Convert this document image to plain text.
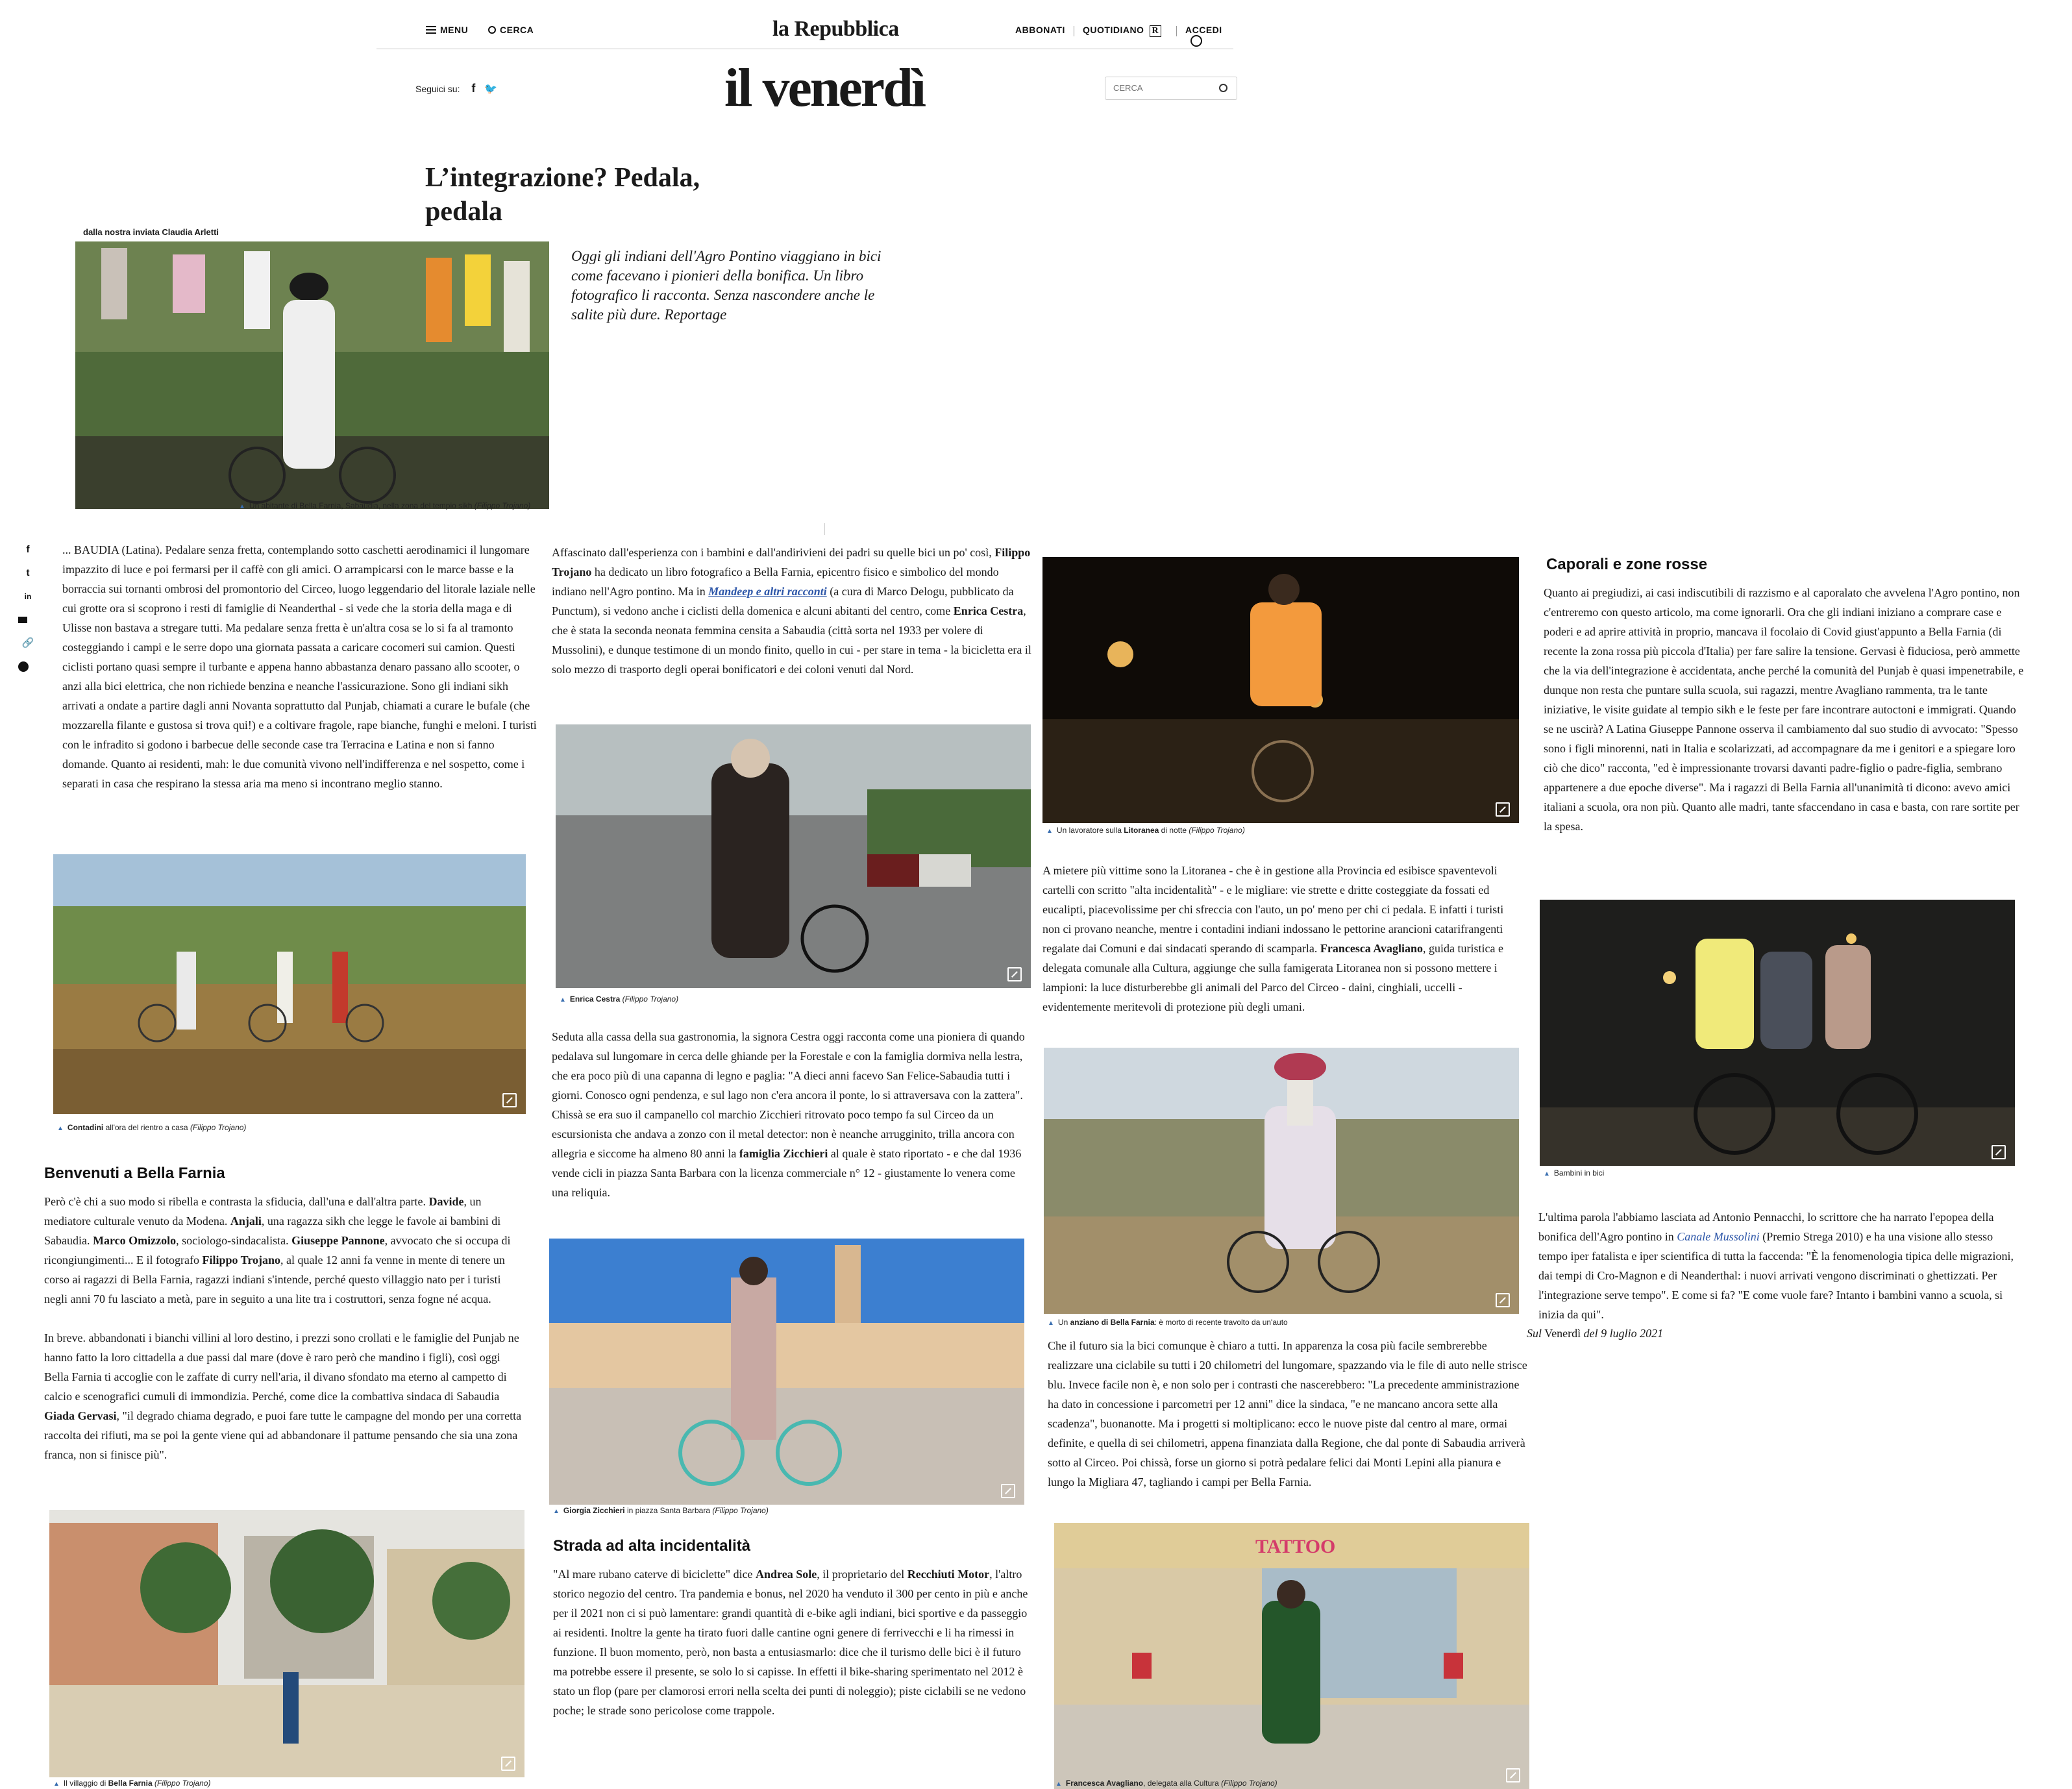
MENU	CERCA	la Repubblica	ABBONATI QUOTIDIANO R	ACCEDI
Seguici su: f 🐦	il venerdì
CERCA
L’integrazione? Pedala,
pedala
dalla nostra inviata Claudia Arletti
Oggi gli indiani dell'Agro Pontino viaggiano in bici come facevano i pionieri della bonifica. Un libro fotografico li racconta. Senza nascondere anche le salite più dure. Reportage
▲ Un abitante di Bella Farnia, Sabaudia, nella zona del tempio sikh (Filippo Trojano)
f
t
in
🔗
... BAUDIA (Latina). Pedalare senza fretta, contemplando sotto caschetti aerodinamici il lungomare impazzito di luce e poi fermarsi per il caffè con gli amici. O arrampicarsi con le marce basse e la borraccia sui tornanti ombrosi del promontorio del Circeo, luogo leggendario del litorale laziale nelle cui grotte ora si scoprono i resti di famiglie di Neanderthal - si vede che la storia della maga e di Ulisse non bastava a stregare tutti. Ma pedalare senza fretta è un'altra cosa se lo si fa al tramonto costeggiando i campi e le serre dopo una giornata passata a caricare cocomeri sui camion. Questi ciclisti portano quasi sempre il turbante e appena hanno abbastanza denaro passano allo scooter, o anzi alla bici elettrica, che non richiede benzina e neanche l'assicurazione. Sono gli indiani sikh arrivati a ondate a partire dagli anni Novanta soprattutto dal Punjab, chiamati a curare le bufale (che mozzarella filante e gustosa si trova qui!) e a coltivare fragole, rape bianche, funghi e meloni. I turisti con le infradito si godono i barbecue delle seconde case tra Terracina e Latina e non si fanno domande. Quanto ai residenti, mah: le due comunità vivono nell'indifferenza e nel sospetto, come i separati in casa che respirano la stessa aria ma meno si incontrano meglio stanno.
▲ Contadini all'ora del rientro a casa (Filippo Trojano)
Benvenuti a Bella Farnia
Però c'è chi a suo modo si ribella e contrasta la sfiducia, dall'una e dall'altra parte. Davide, un mediatore culturale venuto da Modena. Anjali, una ragazza sikh che legge le favole ai bambini di Sabaudia. Marco Omizzolo, sociologo-sindacalista. Giuseppe Pannone, avvocato che si occupa di ricongiungimenti... E il fotografo Filippo Trojano, al quale 12 anni fa venne in mente di tenere un corso ai ragazzi di Bella Farnia, ragazzi indiani s'intende, perché questo villaggio nato per i turisti negli anni 70 fu lasciato a metà, pare in seguito a una lite tra i costruttori, senza fogne né acqua.
In breve. abbandonati i bianchi villini al loro destino, i prezzi sono crollati e le famiglie del Punjab ne hanno fatto la loro cittadella a due passi dal mare (dove è raro però che mandino i figli), così oggi Bella Farnia ti accoglie con le zaffate di curry nell'aria, il divano sfondato ma eterno al campetto di calcio e scenografici cumuli di immondizia. Perché, come dice la combattiva sindaca di Sabaudia Giada Gervasi, "il degrado chiama degrado, e puoi fare tutte le campagne del mondo per una corretta raccolta dei rifiuti, ma se poi la gente viene qui ad abbandonare il pattume pensando che sia una zona franca, non si finisce più".
▲ Il villaggio di Bella Farnia (Filippo Trojano)
Affascinato dall'esperienza con i bambini e dall'andirivieni dei padri su quelle bici un po' così, Filippo Trojano ha dedicato un libro fotografico a Bella Farnia, epicentro fisico e simbolico del mondo indiano nell'Agro pontino. Ma in Mandeep e altri racconti (a cura di Marco Delogu, pubblicato da Punctum), si vedono anche i ciclisti della domenica e alcuni abitanti del centro, come Enrica Cestra, che è stata la seconda neonata femmina censita a Sabaudia (città sorta nel 1933 per volere di Mussolini), e dunque testimone di un mondo finito, quello in cui - per stare in tema - la bicicletta era il solo mezzo di trasporto degli operai bonificatori e dei coloni venuti dal Nord.
▲ Enrica Cestra (Filippo Trojano)
Seduta alla cassa della sua gastronomia, la signora Cestra oggi racconta come una pioniera di quando pedalava sul lungomare in cerca delle ghiande per la Forestale e con la famiglia dormiva nella lestra, che era poco più di una capanna di legno e paglia: "A dieci anni facevo San Felice-Sabaudia tutti i giorni. Conosco ogni pendenza, e sul lago non c'era ancora il ponte, lo si attraversava con la zattera". Chissà se era suo il campanello col marchio Zicchieri ritrovato poco tempo fa sul Circeo da un escursionista che andava a zonzo con il metal detector: non è neanche arrugginito, trilla ancora con allegria e siccome ha almeno 80 anni la famiglia Zicchieri al quale è stato riportato - e che dal 1936 vende cicli in piazza Santa Barbara con la licenza commerciale n° 12 - giustamente lo venera come una reliquia.
▲ Giorgia Zicchieri in piazza Santa Barbara (Filippo Trojano)
Strada ad alta incidentalità
"Al mare rubano caterve di biciclette" dice Andrea Sole, il proprietario del Recchiuti Motor, l'altro storico negozio del centro. Tra pandemia e bonus, nel 2020 ha venduto il 300 per cento in più e anche per il 2021 non ci si può lamentare: grandi quantità di e-bike agli indiani, bici sportive e da passeggio ai residenti. Inoltre la gente ha tirato fuori dalle cantine ogni genere di ferrivecchi e li ha rimessi in funzione. Il buon momento, però, non basta a entusiasmarlo: dice che il turismo delle bici è il futuro ma potrebbe essere il presente, se solo lo si capisse. In effetti il bike-sharing sperimentato nel 2012 è stato un flop (pare per clamorosi errori nella scelta dei punti di noleggio); piste ciclabili se ne vedono poche; le strade sono pericolose come trappole.
▲ Un lavoratore sulla Litoranea di notte (Filippo Trojano)
A mietere più vittime sono la Litoranea - che è in gestione alla Provincia ed esibisce spaventevoli cartelli con scritto "alta incidentalità" - e le migliare: vie strette e dritte costeggiate da fossati ed eucalipti, piacevolissime per chi sfreccia con l'auto, un po' meno per chi ci pedala. E infatti i turisti non ci provano neanche, mentre i contadini indiani indossano le pettorine arancioni catarifrangenti regalate dai Comuni e dai sindacati sperando di scamparla. Francesca Avagliano, guida turistica e delegata comunale alla Cultura, aggiunge che sulla famigerata Litoranea non si possono mettere i lampioni: la luce disturberebbe gli animali del Parco del Circeo - daini, cinghiali, uccelli - evidentemente meritevoli di protezione più degli umani.
▲ Un anziano di Bella Farnia: è morto di recente travolto da un'auto
Che il futuro sia la bici comunque è chiaro a tutti. In apparenza la cosa più facile sembrerebbe realizzare una ciclabile su tutti i 20 chilometri del lungomare, spazzando via le file di auto nelle strisce blu. Invece facile non è, e non solo per i contrasti che nascerebbero: "La precedente amministrazione ha dato in concessione i parcometri per 12 anni" dice la sindaca, "e ne mancano ancora sette alla scadenza", buonanotte. Ma i progetti si moltiplicano: ecco le nuove piste dal centro al mare, ormai definite, e quella di sei chilometri, appena finanziata dalla Regione, che dal ponte di Sabaudia arriverà sotto al Circeo. Poi chissà, forse un giorno si potrà pedalare felici dai Monti Lepini alla pianura e lungo la Migliara 47, tagliando i campi per Bella Farnia.
TATTOO
▲ Francesca Avagliano, delegata alla Cultura (Filippo Trojano)
Caporali e zone rosse
Quanto ai pregiudizi, ai casi indiscutibili di razzismo e al caporalato che avvelena l'Agro pontino, non c'entreremo con questo articolo, ma come ignorarli. Ora che gli indiani iniziano a comprare case e poderi e ad aprire attività in proprio, mancava il focolaio di Covid giust'appunto a Bella Farnia (di recente la zona rossa più piccola d'Italia) per fare salire la tensione. Gervasi è fiduciosa, però ammette che la via dell'integrazione è accidentata, anche perché la comunità del Punjab è quasi impenetrabile, e dunque non resta che puntare sulla scuola, sui ragazzi, mentre Avagliano rammenta, tra le tante iniziative, le visite guidate al tempio sikh e le feste per fare incontrare autoctoni e immigrati. Quando se ne uscirà? A Latina Giuseppe Pannone osserva il cambiamento dal suo studio di avvocato: "Spesso sono i figli minorenni, nati in Italia e scolarizzati, ad accompagnare da me i genitori e a spiegare loro ciò che dico" racconta, "ed è impressionante trovarsi davanti padre-figlio o padre-figlia, sembrano appartenere a due epoche diverse". Ma i ragazzi di Bella Farnia all'unanimità ti dicono: avevo amici italiani a scuola, ora non più. Quanto alle madri, tante sfaccendano in casa e basta, con rare sortite per la spesa.
▲ Bambini in bici
L'ultima parola l'abbiamo lasciata ad Antonio Pennacchi, lo scrittore che ha narrato l'epopea della bonifica dell'Agro pontino in Canale Mussolini (Premio Strega 2010) e ha una visione allo stesso tempo iper fatalista e iper scientifica di tutta la faccenda: "È la fenomenologia tipica delle migrazioni, dai tempi di Cro-Magnon e di Neanderthal: i nuovi arrivati vengono discriminati o ghettizzati. Per l'integrazione serve tempo". E come si fa? "E come vuole fare? Intanto i bambini vanno a scuola, si inizia da qui".
Sul Venerdì del 9 luglio 2021
